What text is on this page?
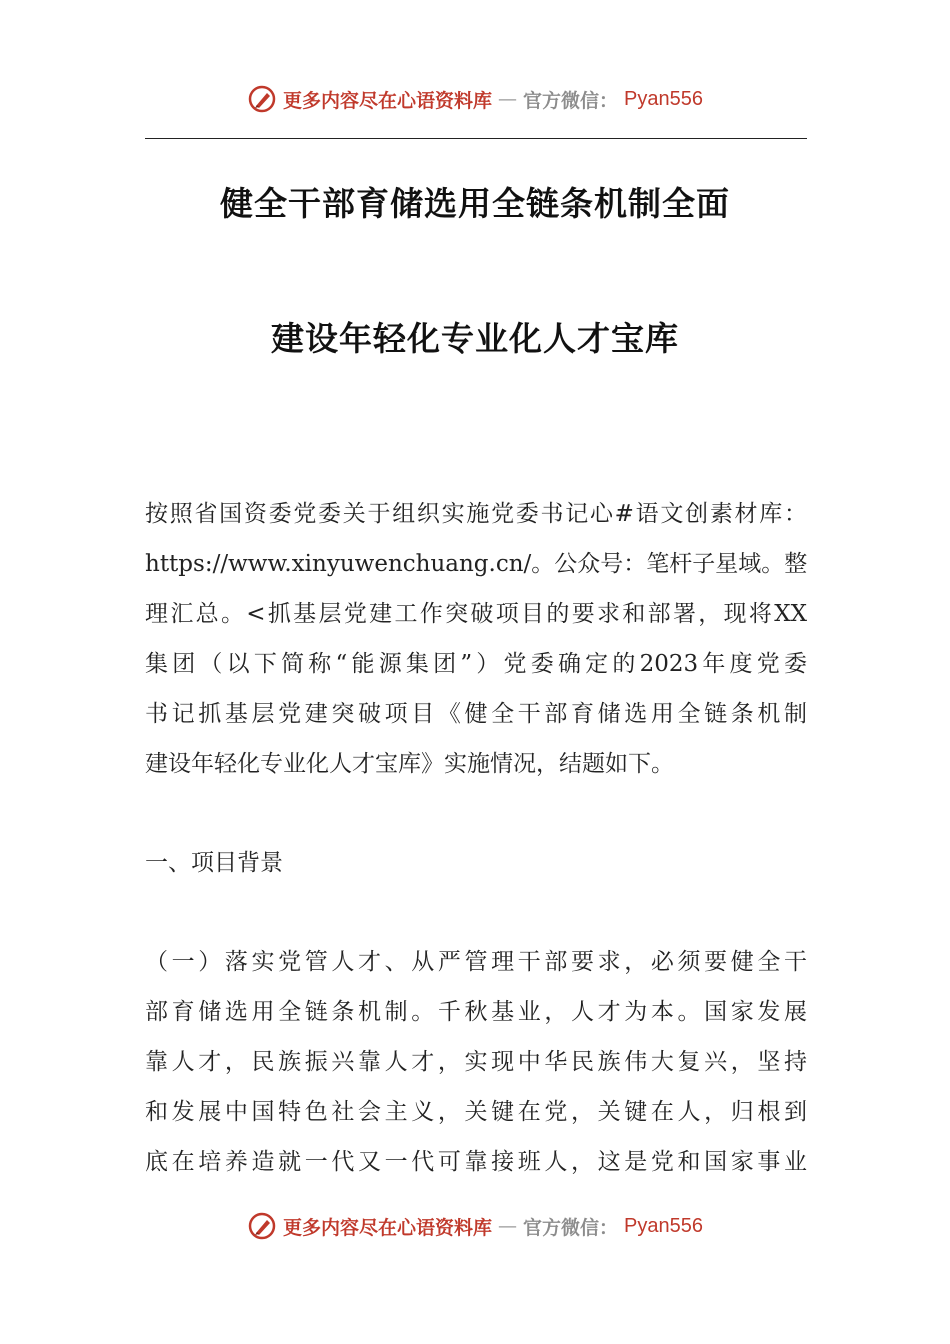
更多内容尽在心语资料库 — 官方微信： Pyan556
健全干部育储选用全链条机制全面
建设年轻化专业化人才宝库
按照省国资委党委关于组织实施党委书记心#语文创素材库：
https://www.xinyuwenchuang.cn/。公众号：笔杆子星域。整
理汇总。<抓基层党建工作突破项目的要求和部署，现将XX
集团（以下简称“能源集团”）党委确定的2023年度党委
书记抓基层党建突破项目《健全干部育储选用全链条机制
建设年轻化专业化人才宝库》实施情况，结题如下。
一、项目背景
（一）落实党管人才、从严管理干部要求，必须要健全干
部育储选用全链条机制。千秋基业，人才为本。国家发展
靠人才，民族振兴靠人才，实现中华民族伟大复兴，坚持
和发展中国特色社会主义，关键在党，关键在人，归根到
底在培养造就一代又一代可靠接班人，这是党和国家事业
更多内容尽在心语资料库 — 官方微信： Pyan556
